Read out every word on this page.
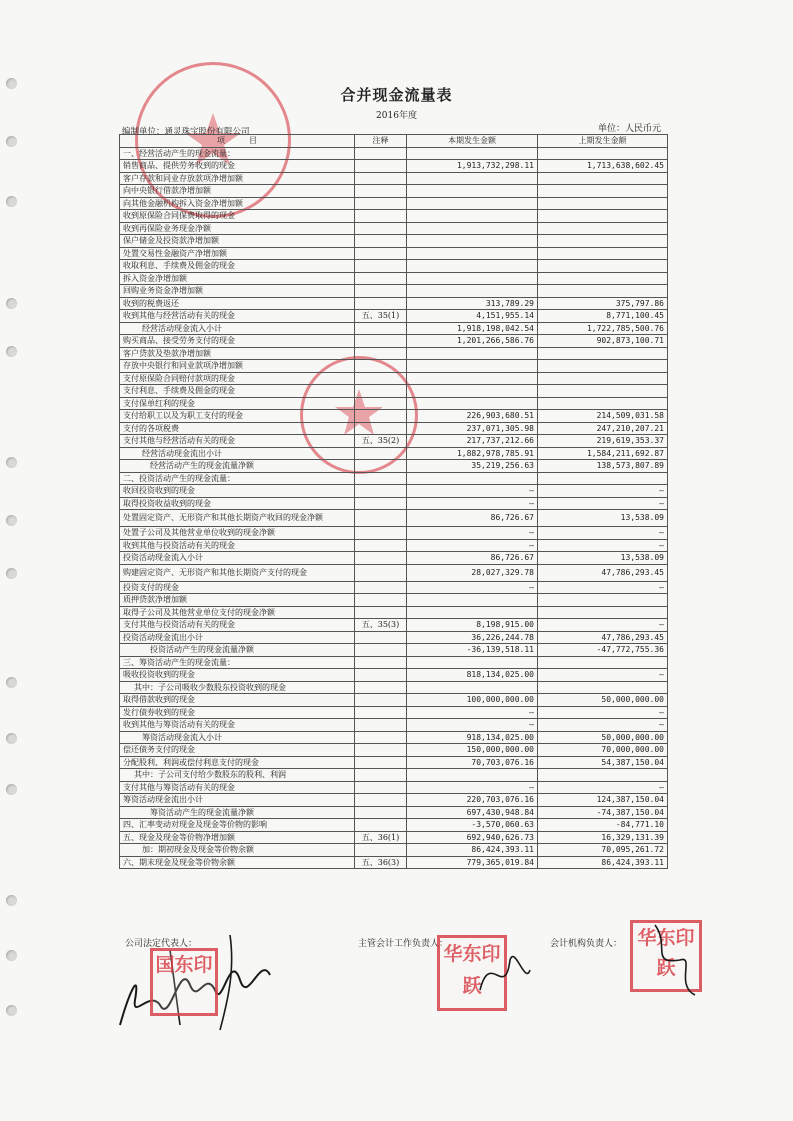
合并现金流量表
2016年度
编制单位：通灵珠宝股份有限公司	单位：人民币元
项　　　目	注释	本期发生金额	上期发生金额
一、经营活动产生的现金流量：			
销售商品、提供劳务收到的现金		1,913,732,298.11	1,713,638,602.45
客户存款和同业存放款项净增加额			
向中央银行借款净增加额			
向其他金融机构拆入资金净增加额			
收到原保险合同保费取得的现金			
收到再保险业务现金净额			
保户储金及投资款净增加额			
处置交易性金融资产净增加额			
收取利息、手续费及佣金的现金			
拆入资金净增加额			
回购业务资金净增加额			
收到的税费返还		313,789.29	375,797.86
收到其他与经营活动有关的现金	五、35(1)	4,151,955.14	8,771,100.45
经营活动现金流入小计		1,918,198,042.54	1,722,785,500.76
购买商品、接受劳务支付的现金		1,201,266,586.76	902,873,100.71
客户贷款及垫款净增加额			
存放中央银行和同业款项净增加额			
支付原保险合同赔付款项的现金			
支付利息、手续费及佣金的现金			
支付保单红利的现金			
支付给职工以及为职工支付的现金		226,903,680.51	214,509,031.58
支付的各项税费		237,071,305.98	247,210,207.21
支付其他与经营活动有关的现金	五、35(2)	217,737,212.66	219,619,353.37
经营活动现金流出小计		1,882,978,785.91	1,584,211,692.87
经营活动产生的现金流量净额		35,219,256.63	138,573,807.89
二、投资活动产生的现金流量：			
收回投资收到的现金		–	–
取得投资收益收到的现金		–	–
处置固定资产、无形资产和其他长期资产收回的现金净额		86,726.67	13,538.09
处置子公司及其他营业单位收到的现金净额		–	–
收到其他与投资活动有关的现金		–	–
投资活动现金流入小计		86,726.67	13,538.09
购建固定资产、无形资产和其他长期资产支付的现金		28,027,329.78	47,786,293.45
投资支付的现金		–	–
质押贷款净增加额			
取得子公司及其他营业单位支付的现金净额			
支付其他与投资活动有关的现金	五、35(3)	8,198,915.00	–
投资活动现金流出小计		36,226,244.78	47,786,293.45
投资活动产生的现金流量净额		-36,139,518.11	-47,772,755.36
三、筹资活动产生的现金流量：			
吸收投资收到的现金		818,134,025.00	–
其中：子公司吸收少数股东投资收到的现金			
取得借款收到的现金		100,000,000.00	50,000,000.00
发行债券收到的现金		–	–
收到其他与筹资活动有关的现金		–	–
筹资活动现金流入小计		918,134,025.00	50,000,000.00
偿还债务支付的现金		150,000,000.00	70,000,000.00
分配股利、利润或偿付利息支付的现金		70,703,076.16	54,387,150.04
其中：子公司支付给少数股东的股利、利润			
支付其他与筹资活动有关的现金		–	–
筹资活动现金流出小计		220,703,076.16	124,387,150.04
筹资活动产生的现金流量净额		697,430,948.84	-74,387,150.04
四、汇率变动对现金及现金等价物的影响		-3,570,060.63	-84,771.10
五、现金及现金等价物净增加额	五、36(1)	692,940,626.73	16,329,131.39
加：期初现金及现金等价物余额		86,424,393.11	70,095,261.72
六、期末现金及现金等价物余额	五、36(3)	779,365,019.84	86,424,393.11
公司法定代表人：	主管会计工作负责人：	会计机构负责人：
国东印	华东印跃
华东印跃
